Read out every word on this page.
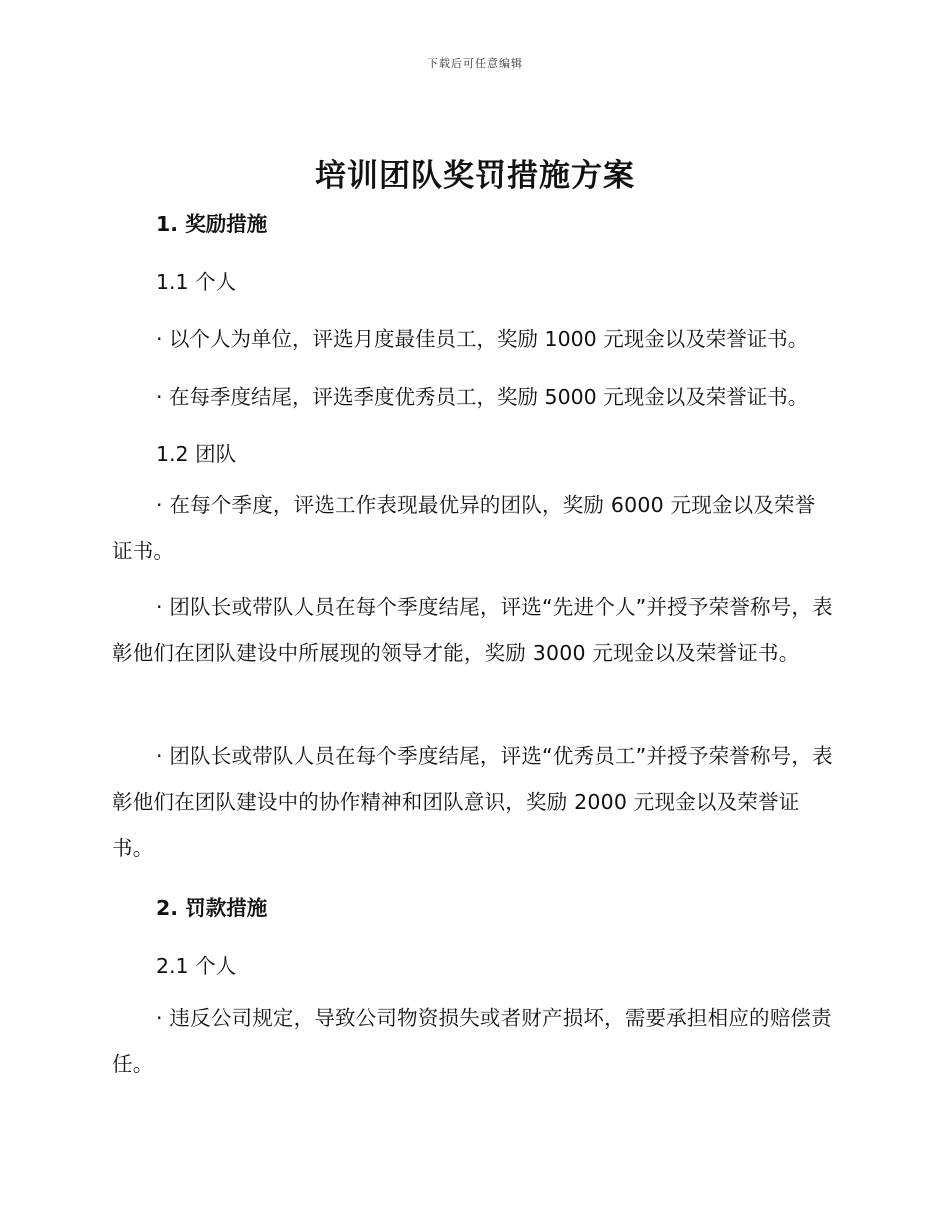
下载后可任意编辑
培训团队奖罚措施方案
1. 奖励措施
1.1 个人
· 以个人为单位，评选月度最佳员工，奖励 1000 元现金以及荣誉证书。
· 在每季度结尾，评选季度优秀员工，奖励 5000 元现金以及荣誉证书。
1.2 团队
· 在每个季度，评选工作表现最优异的团队，奖励 6000 元现金以及荣誉证书。
· 团队长或带队人员在每个季度结尾，评选“先进个人”并授予荣誉称号，表彰他们在团队建设中所展现的领导才能，奖励 3000 元现金以及荣誉证书。
· 团队长或带队人员在每个季度结尾，评选“优秀员工”并授予荣誉称号，表彰他们在团队建设中的协作精神和团队意识，奖励 2000 元现金以及荣誉证书。
2. 罚款措施
2.1 个人
· 违反公司规定，导致公司物资损失或者财产损坏，需要承担相应的赔偿责任。
